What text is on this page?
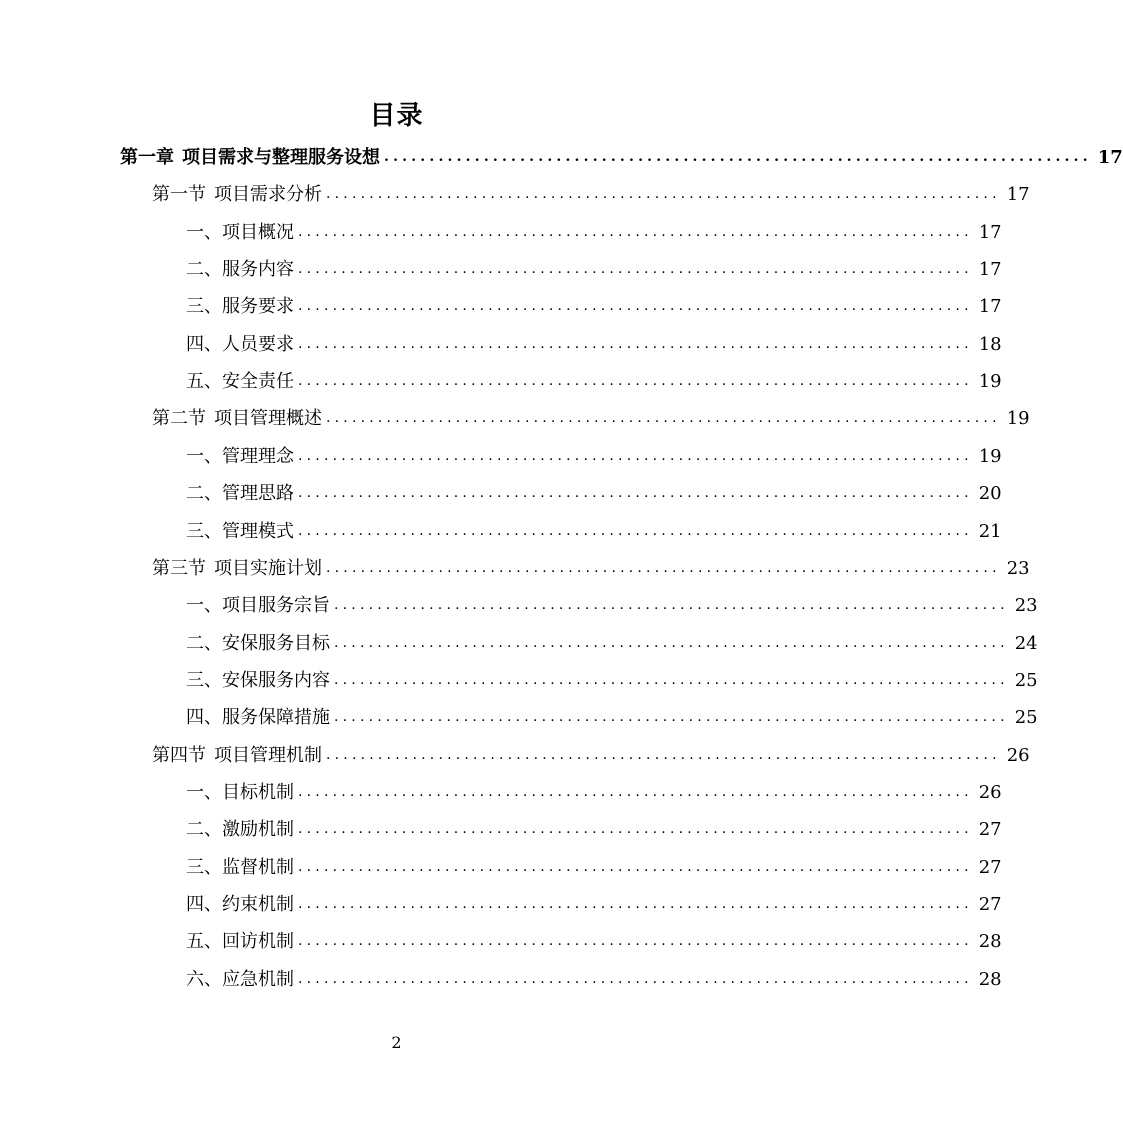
目录
第一章 项目需求与整理服务设想 .............................................................................. 17
第一节 项目需求分析 .............................................................................. 17
一、项目概况 .............................................................................. 17
二、服务内容 .............................................................................. 17
三、服务要求 .............................................................................. 17
四、人员要求 .............................................................................. 18
五、安全责任 .............................................................................. 19
第二节 项目管理概述 .............................................................................. 19
一、管理理念 .............................................................................. 19
二、管理思路 .............................................................................. 20
三、管理模式 .............................................................................. 21
第三节 项目实施计划 .............................................................................. 23
一、项目服务宗旨 .............................................................................. 23
二、安保服务目标 .............................................................................. 24
三、安保服务内容 .............................................................................. 25
四、服务保障措施 .............................................................................. 25
第四节 项目管理机制 .............................................................................. 26
一、目标机制 .............................................................................. 26
二、激励机制 .............................................................................. 27
三、监督机制 .............................................................................. 27
四、约束机制 .............................................................................. 27
五、回访机制 .............................................................................. 28
六、应急机制 .............................................................................. 28
2
